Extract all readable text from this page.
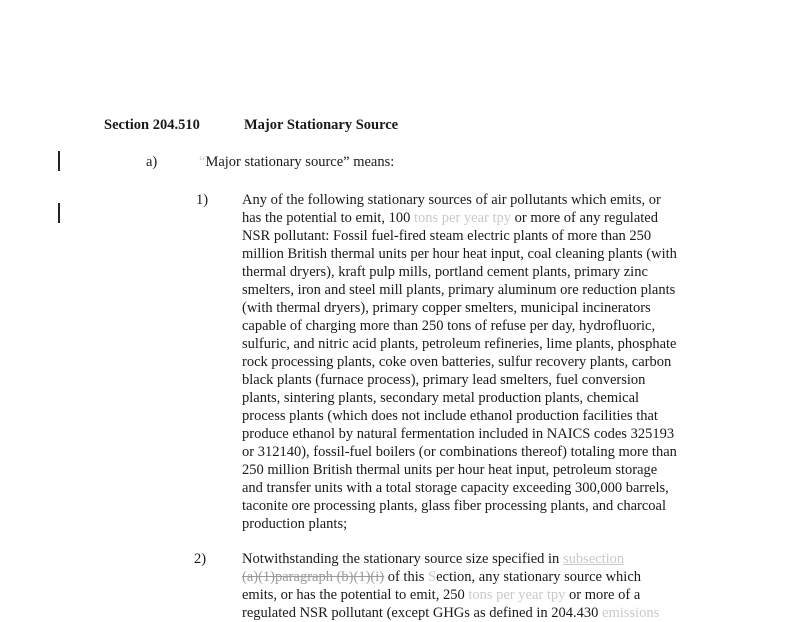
Section 204.510	Major Stationary Source
a)	“Major stationary source” means:
1) Any of the following stationary sources of air pollutants which emits, or
has the potential to emit, 100 tons per year tpy or more of any regulated
NSR pollutant: Fossil fuel-fired steam electric plants of more than 250
million British thermal units per hour heat input, coal cleaning plants (with
thermal dryers), kraft pulp mills, portland cement plants, primary zinc
smelters, iron and steel mill plants, primary aluminum ore reduction plants
(with thermal dryers), primary copper smelters, municipal incinerators
capable of charging more than 250 tons of refuse per day, hydrofluoric,
sulfuric, and nitric acid plants, petroleum refineries, lime plants, phosphate
rock processing plants, coke oven batteries, sulfur recovery plants, carbon
black plants (furnace process), primary lead smelters, fuel conversion
plants, sintering plants, secondary metal production plants, chemical
process plants (which does not include ethanol production facilities that
produce ethanol by natural fermentation included in NAICS codes 325193
or 312140), fossil-fuel boilers (or combinations thereof) totaling more than
250 million British thermal units per hour heat input, petroleum storage
and transfer units with a total storage capacity exceeding 300,000 barrels,
taconite ore processing plants, glass fiber processing plants, and charcoal
production plants;
2) Notwithstanding the stationary source size specified in subsection
(a)(1)paragraph (b)(1)(i) of this Section, any stationary source which
emits, or has the potential to emit, 250 tons per year tpy or more of a
regulated NSR pollutant (except GHGs as defined in 204.430 emissions
